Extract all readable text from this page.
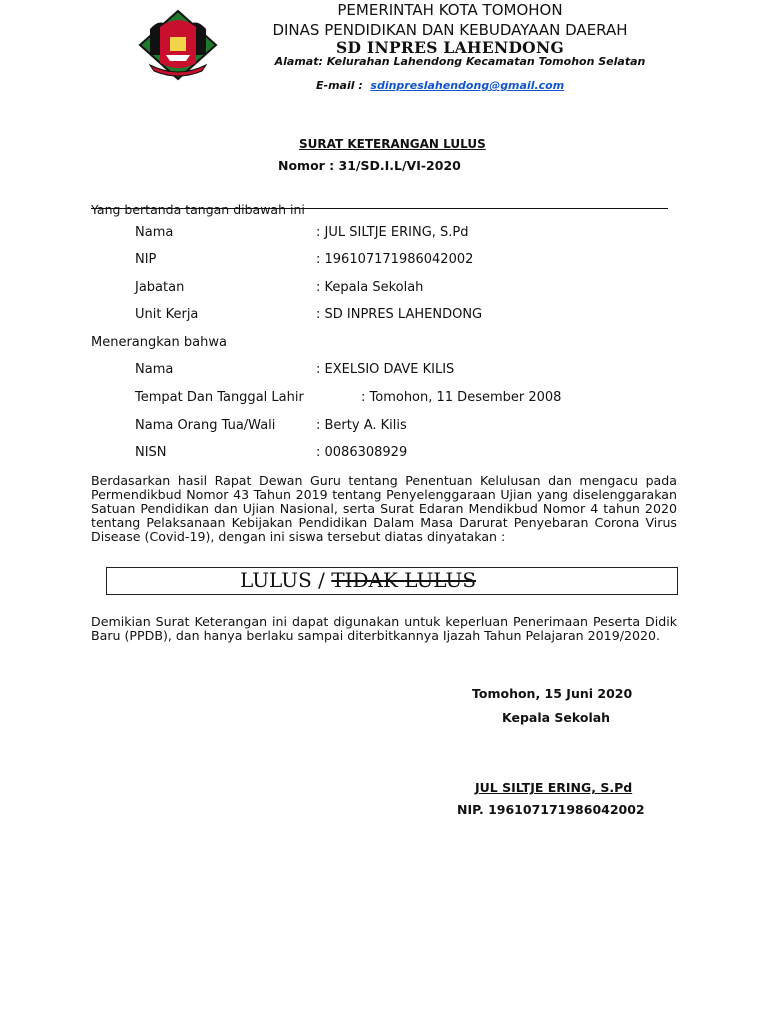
PEMERINTAH KOTA TOMOHON
DINAS PENDIDIKAN DAN KEBUDAYAAN DAERAH
SD INPRES LAHENDONG
Alamat: Kelurahan Lahendong Kecamatan Tomohon Selatan
E-mail : sdinpreslahendong@gmail.com
SURAT KETERANGAN LULUS
Nomor : 31/SD.I.L/VI-2020
Yang bertanda tangan dibawah ini
Nama	: JUL SILTJE ERING, S.Pd
NIP	: 196107171986042002
Jabatan	: Kepala Sekolah
Unit Kerja	: SD INPRES LAHENDONG
Menerangkan bahwa
Nama	: EXELSIO DAVE KILIS
Tempat Dan Tanggal Lahir	: Tomohon, 11 Desember 2008
Nama Orang Tua/Wali	: Berty A. Kilis
NISN	: 0086308929
Berdasarkan hasil Rapat Dewan Guru tentang Penentuan Kelulusan dan mengacu pada Permendikbud Nomor 43 Tahun 2019 tentang Penyelenggaraan Ujian yang diselenggarakan Satuan Pendidikan dan Ujian Nasional, serta Surat Edaran Mendikbud Nomor 4 tahun 2020 tentang Pelaksanaan Kebijakan Pendidikan Dalam Masa Darurat Penyebaran Corona Virus Disease (Covid-19), dengan ini siswa tersebut diatas dinyatakan :
LULUS / TIDAK LULUS
Demikian Surat Keterangan ini dapat digunakan untuk keperluan Penerimaan Peserta Didik Baru (PPDB), dan hanya berlaku sampai diterbitkannya Ijazah Tahun Pelajaran 2019/2020.
Tomohon, 15 Juni 2020
Kepala Sekolah
JUL SILTJE ERING, S.Pd
NIP. 196107171986042002
